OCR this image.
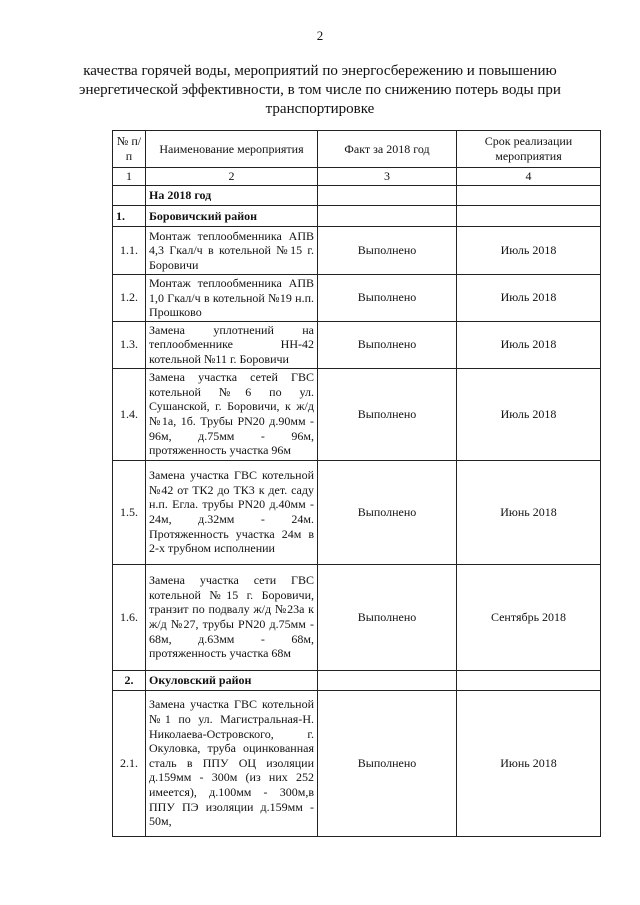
2
качества горячей воды, мероприятий по энергосбережению и повышению энергетической эффективности, в том числе по снижению потерь воды при транспортировке
№ п/п	Наименование мероприятия	Факт за 2018 год	Срок реализации мероприятия
1	2	3	4
	На 2018 год		
1.	Боровичский район		
1.1.	Монтаж теплообменника АПВ 4,3 Гкал/ч в котельной №15 г. Боровичи	Выполнено	Июль 2018
1.2.	Монтаж теплообменника АПВ 1,0 Гкал/ч в котельной №19 н.п. Прошково	Выполнено	Июль 2018
1.3.	Замена уплотнений на теплообменнике НН-42 котельной №11 г. Боровичи	Выполнено	Июль 2018
1.4.	Замена участка сетей ГВС котельной №6 по ул. Сушанской, г. Боровичи, к ж/д №1а, 1б. Трубы PN20 д.90мм - 96м, д.75мм - 96м, протяженность участка 96м	Выполнено	Июль 2018
1.5.	Замена участка ГВС котельной №42 от ТК2 до ТК3 к дет. саду н.п. Егла. трубы PN20 д.40мм - 24м, д.32мм - 24м. Протяженность участка 24м в 2-х трубном исполнении	Выполнено	Июнь 2018
1.6.	Замена участка сети ГВС котельной №15 г. Боровичи, транзит по подвалу ж/д №23а к ж/д №27, трубы PN20 д.75мм - 68м, д.63мм - 68м, протяженность участка 68м	Выполнено	Сентябрь 2018
2.	Окуловский район		
2.1.	Замена участка ГВС котельной №1 по ул. Магистральная-Н. Николаева-Островского, г. Окуловка, труба оцинкованная сталь в ППУ ОЦ изоляции д.159мм - 300м (из них 252 имеется), д.100мм - 300м,в ППУ ПЭ изоляции д.159мм - 50м,	Выполнено	Июнь 2018
